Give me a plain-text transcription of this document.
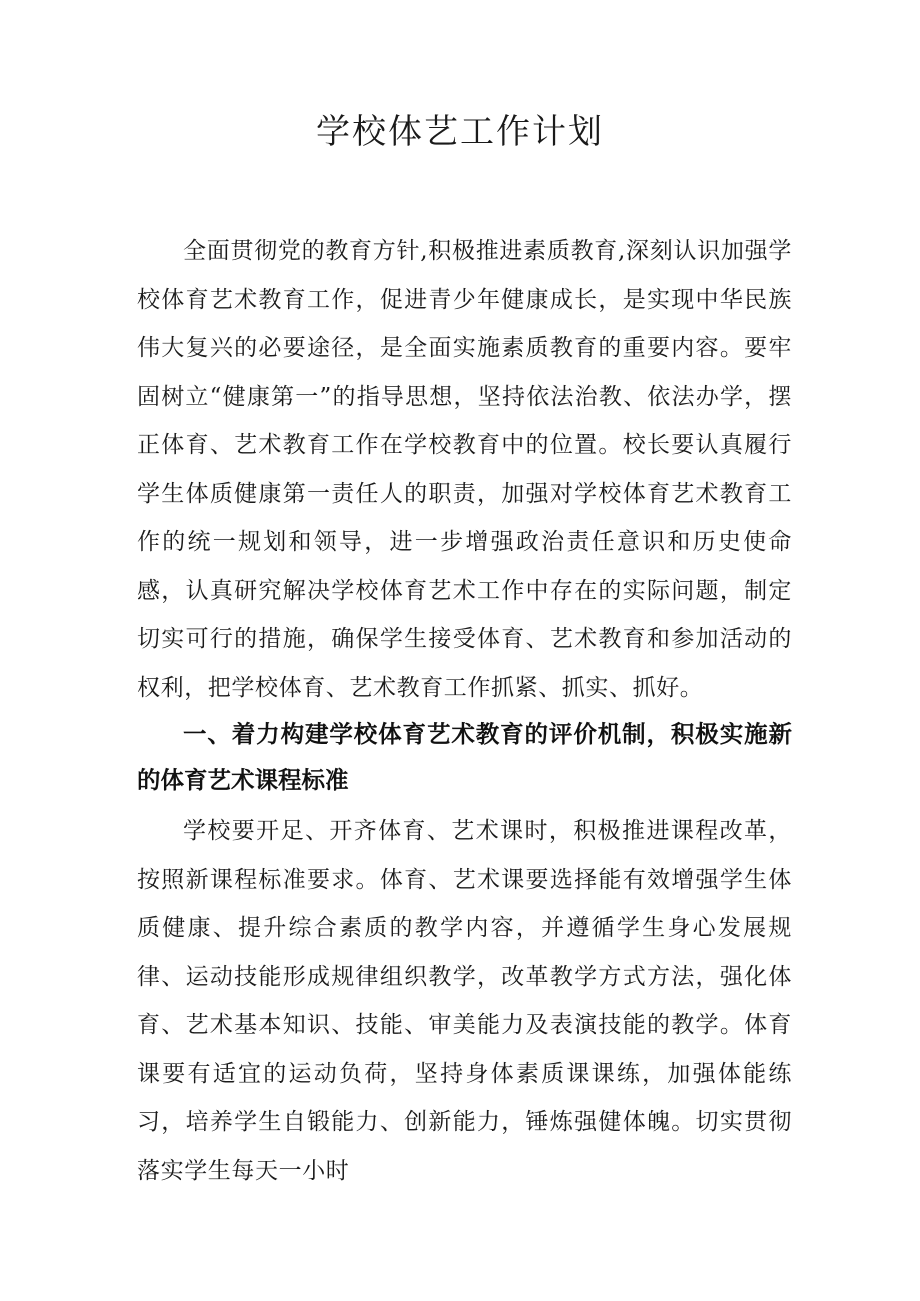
学校体艺工作计划

全面贯彻党的教育方针,积极推进素质教育,深刻认识加强学校体育艺术教育工作，促进青少年健康成长，是实现中华民族伟大复兴的必要途径，是全面实施素质教育的重要内容。要牢固树立“健康第一”的指导思想，坚持依法治教、依法办学，摆正体育、艺术教育工作在学校教育中的位置。校长要认真履行学生体质健康第一责任人的职责，加强对学校体育艺术教育工作的统一规划和领导，进一步增强政治责任意识和历史使命感，认真研究解决学校体育艺术工作中存在的实际问题，制定切实可行的措施，确保学生接受体育、艺术教育和参加活动的权利，把学校体育、艺术教育工作抓紧、抓实、抓好。

一、着力构建学校体育艺术教育的评价机制，积极实施新的体育艺术课程标准

学校要开足、开齐体育、艺术课时，积极推进课程改革，按照新课程标准要求。体育、艺术课要选择能有效增强学生体质健康、提升综合素质的教学内容，并遵循学生身心发展规律、运动技能形成规律组织教学，改革教学方式方法，强化体育、艺术基本知识、技能、审美能力及表演技能的教学。体育课要有适宜的运动负荷，坚持身体素质课课练，加强体能练习，培养学生自锻能力、创新能力，锤炼强健体魄。切实贯彻落实学生每天一小时
